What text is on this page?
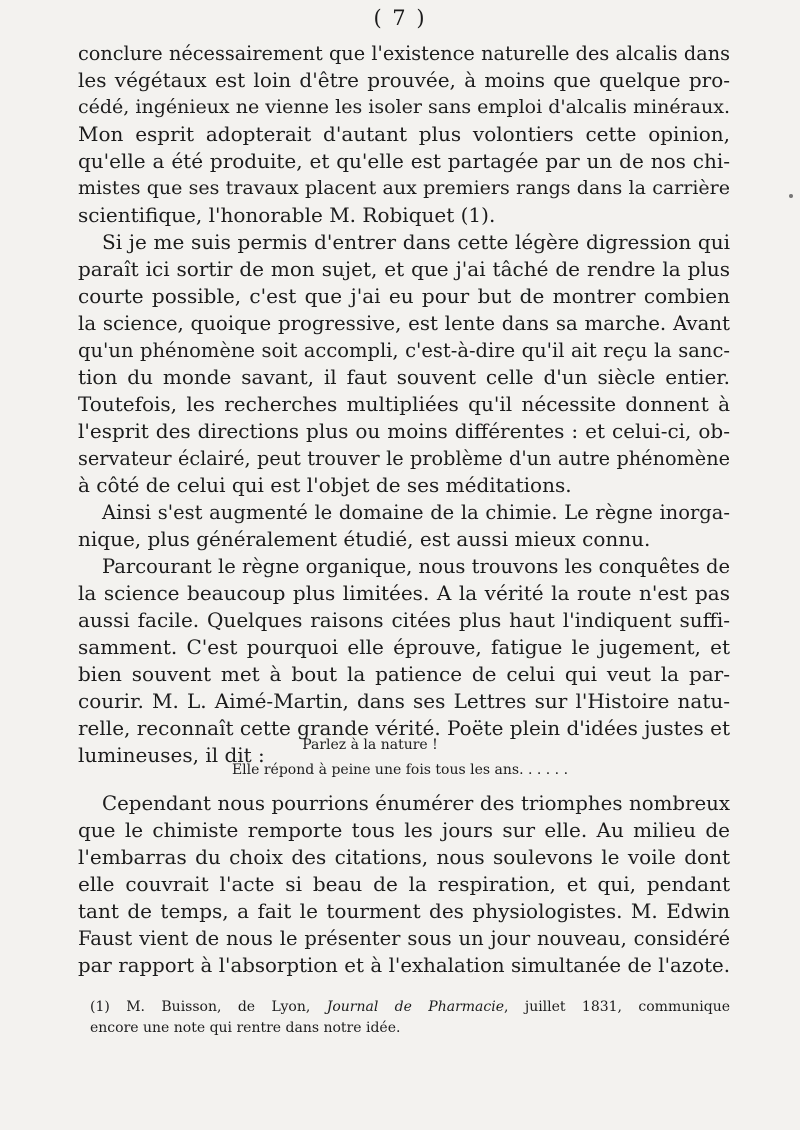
( 7 )
conclure nécessairement que l'existence naturelle des alcalis dans
les végétaux est loin d'être prouvée, à moins que quelque pro-
cédé, ingénieux ne vienne les isoler sans emploi d'alcalis minéraux.
Mon esprit adopterait d'autant plus volontiers cette opinion,
qu'elle a été produite, et qu'elle est partagée par un de nos chi-
mistes que ses travaux placent aux premiers rangs dans la carrière
scientifique, l'honorable M. Robiquet (1).
Si je me suis permis d'entrer dans cette légère digression qui
paraît ici sortir de mon sujet, et que j'ai tâché de rendre la plus
courte possible, c'est que j'ai eu pour but de montrer combien
la science, quoique progressive, est lente dans sa marche. Avant
qu'un phénomène soit accompli, c'est-à-dire qu'il ait reçu la sanc-
tion du monde savant, il faut souvent celle d'un siècle entier.
Toutefois, les recherches multipliées qu'il nécessite donnent à
l'esprit des directions plus ou moins différentes : et celui-ci, ob-
servateur éclairé, peut trouver le problème d'un autre phénomène
à côté de celui qui est l'objet de ses méditations.
Ainsi s'est augmenté le domaine de la chimie. Le règne inorga-
nique, plus généralement étudié, est aussi mieux connu.
Parcourant le règne organique, nous trouvons les conquêtes de
la science beaucoup plus limitées. A la vérité la route n'est pas
aussi facile. Quelques raisons citées plus haut l'indiquent suffi-
samment. C'est pourquoi elle éprouve, fatigue le jugement, et
bien souvent met à bout la patience de celui qui veut la par-
courir. M. L. Aimé-Martin, dans ses Lettres sur l'Histoire natu-
relle, reconnaît cette grande vérité. Poëte plein d'idées justes et
lumineuses, il dit :	Parlez à la nature !
Elle répond à peine une fois tous les ans. . . . . .
Cependant nous pourrions énumérer des triomphes nombreux
que le chimiste remporte tous les jours sur elle. Au milieu de
l'embarras du choix des citations, nous soulevons le voile dont
elle couvrait l'acte si beau de la respiration, et qui, pendant
tant de temps, a fait le tourment des physiologistes. M. Edwin
Faust vient de nous le présenter sous un jour nouveau, considéré
par rapport à l'absorption et à l'exhalation simultanée de l'azote.
(1) M. Buisson, de Lyon, Journal de Pharmacie, juillet 1831, communique
encore une note qui rentre dans notre idée.
